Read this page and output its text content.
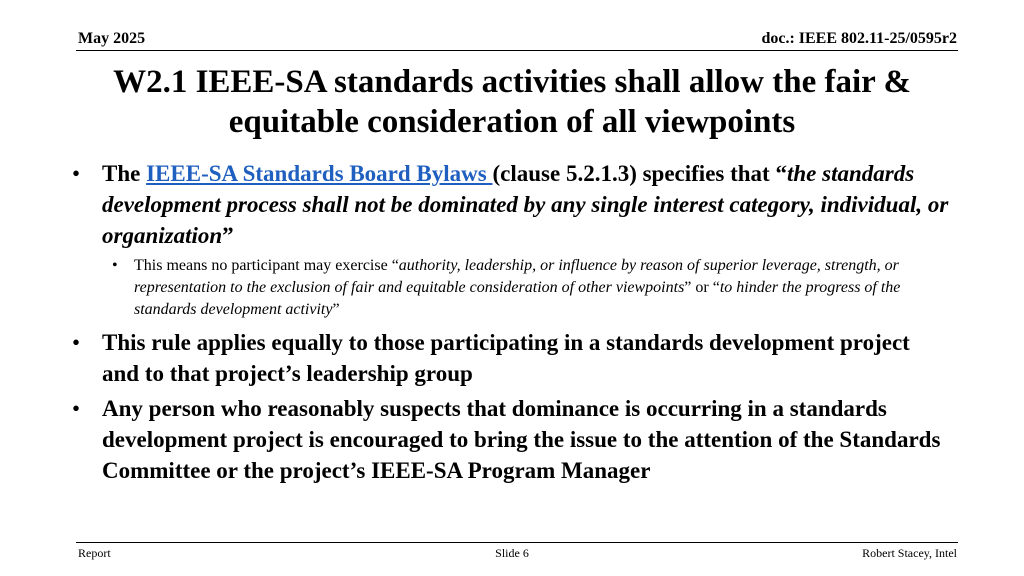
May 2025	doc.: IEEE 802.11-25/0595r2
W2.1 IEEE-SA standards activities shall allow the fair &
equitable consideration of all viewpoints
• The IEEE-SA Standards Board Bylaws (clause 5.2.1.3) specifies that “the standards development process shall not be dominated by any single interest category, individual, or organization”
• This means no participant may exercise “authority, leadership, or influence by reason of superior leverage, strength, or representation to the exclusion of fair and equitable consideration of other viewpoints” or “to hinder the progress of the standards development activity”
• This rule applies equally to those participating in a standards development project and to that project’s leadership group
• Any person who reasonably suspects that dominance is occurring in a standards development project is encouraged to bring the issue to the attention of the Standards Committee or the project’s IEEE-SA Program Manager
Report	Slide 6	Robert Stacey, Intel
